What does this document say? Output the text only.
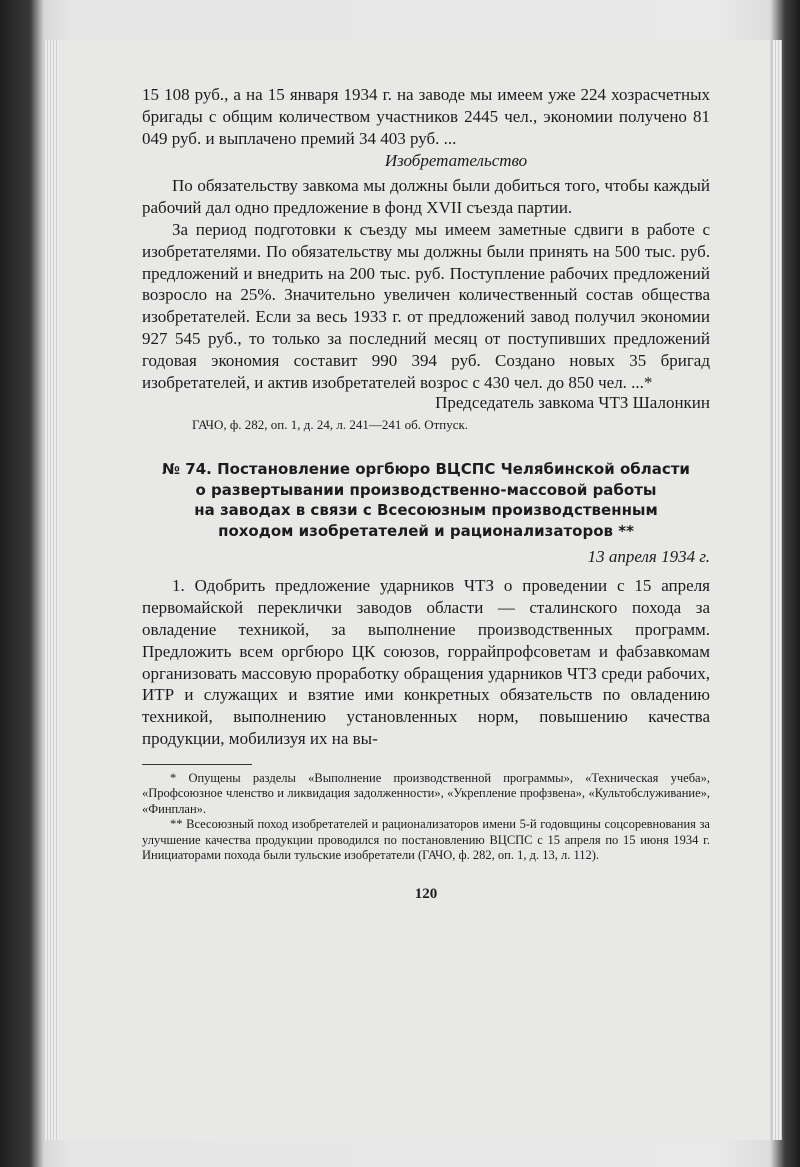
15 108 руб., а на 15 января 1934 г. на заводе мы имеем уже 224 хозрасчетных бригады с общим количеством участников 2445 чел., экономии получено 81 049 руб. и выплачено премий 34 403 руб. ...

Изобретательство

По обязательству завкома мы должны были добиться того, чтобы каждый рабочий дал одно предложение в фонд XVII съезда партии.

За период подготовки к съезду мы имеем заметные сдвиги в работе с изобретателями. По обязательству мы должны были принять на 500 тыс. руб. предложений и внедрить на 200 тыс. руб. Поступление рабочих предложений возросло на 25%. Значительно увеличен количественный состав общества изобретателей. Если за весь 1933 г. от предложений завод получил экономии 927 545 руб., то только за последний месяц от поступивших предложений годовая экономия составит 990 394 руб. Создано новых 35 бригад изобретателей, и актив изобретателей возрос с 430 чел. до 850 чел. ...*

Председатель завкома ЧТЗ Шалонкин

ГАЧО, ф. 282, оп. 1, д. 24, л. 241—241 об. Отпуск.

№ 74. Постановление оргбюро ВЦСПС Челябинской области

о развертывании производственно-массовой работы

на заводах в связи с Всесоюзным производственным

походом изобретателей и рационализаторов **

13 апреля 1934 г.

1. Одобрить предложение ударников ЧТЗ о проведении с 15 апреля первомайской переклички заводов области — сталинского похода за овладение техникой, за выполнение производственных программ. Предложить всем оргбюро ЦК союзов, горрайпрофсоветам и фабзавкомам организовать массовую проработку обращения ударников ЧТЗ среди рабочих, ИТР и служащих и взятие ими конкретных обязательств по овладению техникой, выполнению установленных норм, повышению качества продукции, мобилизуя их на вы-

* Опущены разделы «Выполнение производственной программы», «Техническая учеба», «Профсоюзное членство и ликвидация задолженности», «Укрепление профзвена», «Культобслуживание», «Финплан».

** Всесоюзный поход изобретателей и рационализаторов имени 5-й годовщины соцсоревнования за улучшение качества продукции проводился по постановлению ВЦСПС с 15 апреля по 15 июня 1934 г. Инициаторами похода были тульские изобретатели (ГАЧО, ф. 282, оп. 1, д. 13, л. 112).

120
